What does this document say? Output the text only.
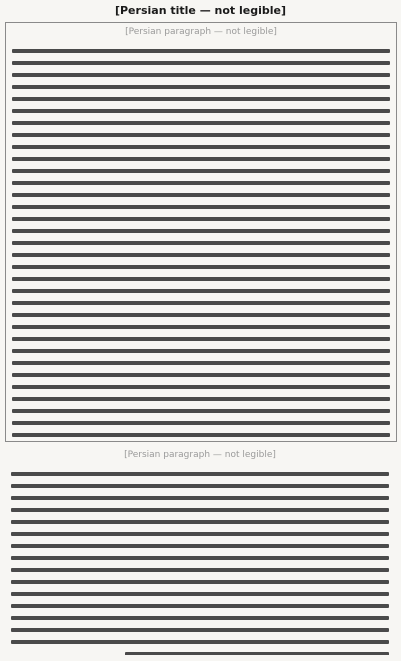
[Persian title — not legible]
[Persian paragraph — not legible]
[Persian paragraph — not legible]
